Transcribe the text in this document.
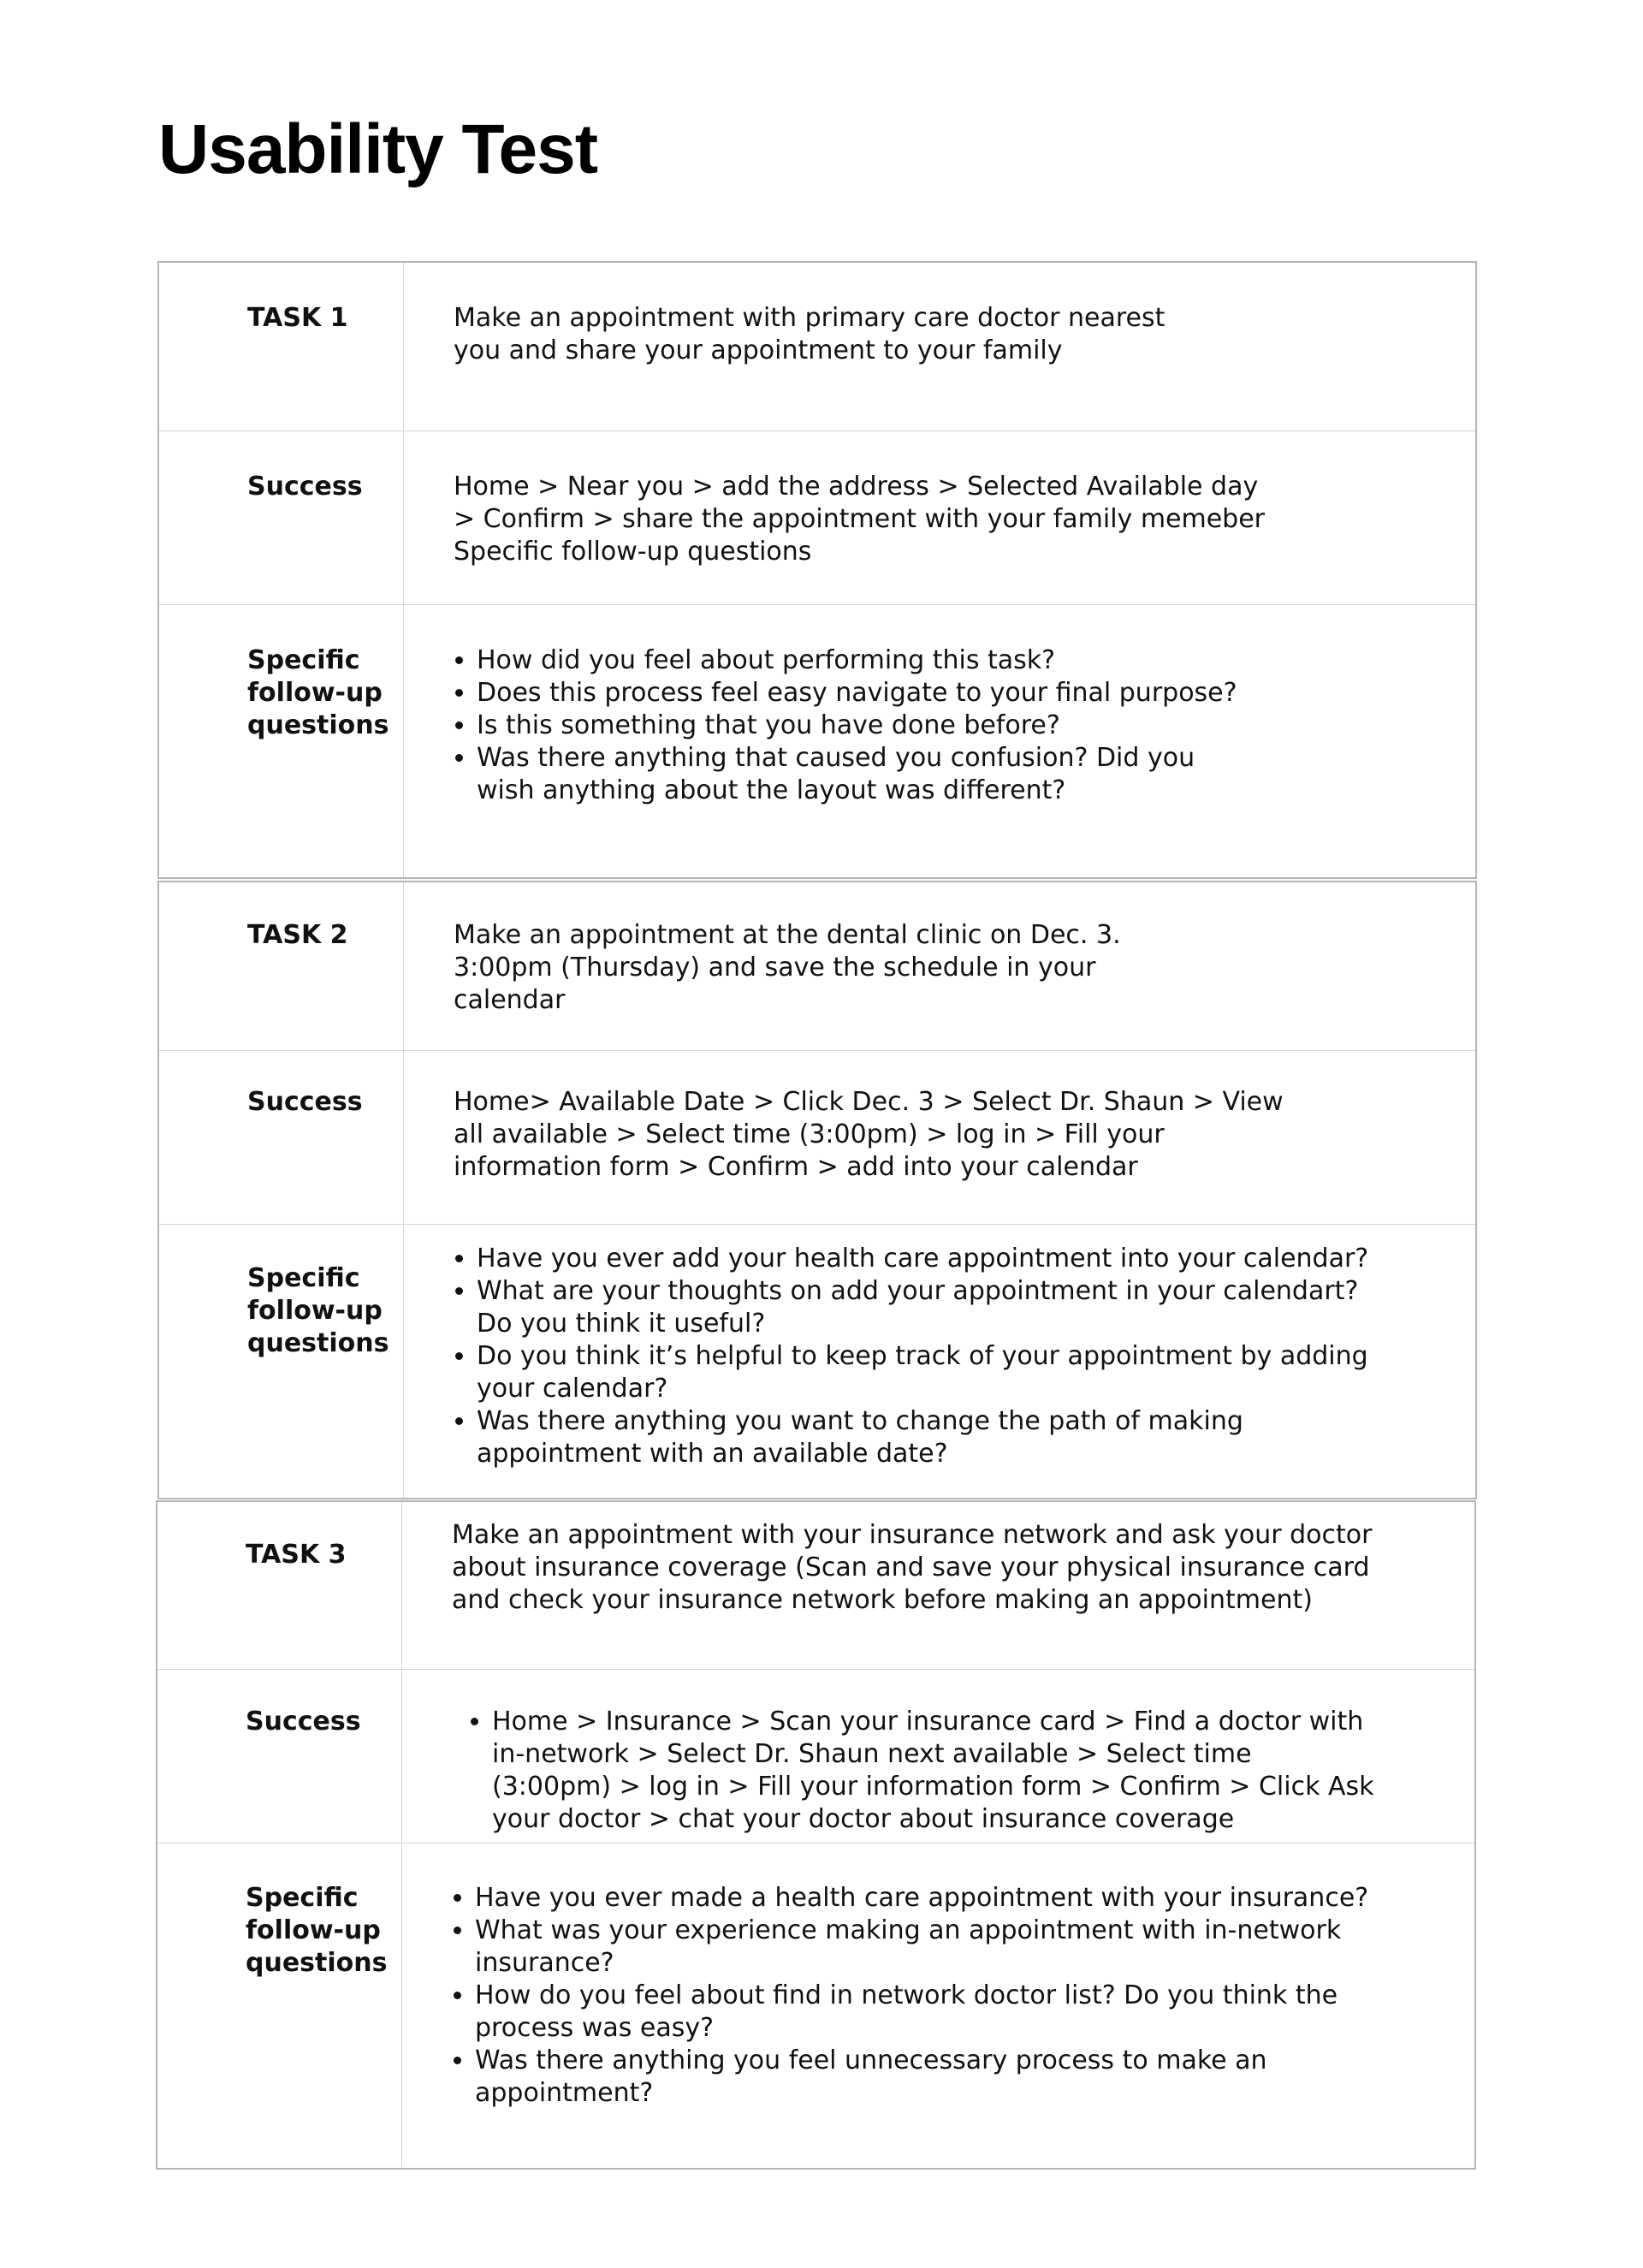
Usability Test
TASK 1	Make an appointment with primary care doctor nearest
you and share your appointment to your family
Success	Home > Near you > add the address > Selected Available day
> Confirm > share the appointment with your family memeber
Specific follow-up questions
Specific
follow-up
questions
• How did you feel about performing this task?
• Does this process feel easy navigate to your final purpose?
• Is this something that you have done before?
• Was there anything that caused you confusion? Did you
wish anything about the layout was different?
TASK 2	Make an appointment at the dental clinic on Dec. 3.
3:00pm (Thursday) and save the schedule in your
calendar
Success	Home> Available Date > Click Dec. 3 > Select Dr. Shaun > View
all available > Select time (3:00pm) > log in > Fill your
information form > Confirm > add into your calendar
Specific
follow-up
questions
• Have you ever add your health care appointment into your calendar?
• What are your thoughts on add your appointment in your calendart?
Do you think it useful?
• Do you think it’s helpful to keep track of your appointment by adding
your calendar?
• Was there anything you want to change the path of making
appointment with an available date?
TASK 3
Make an appointment with your insurance network and ask your doctor
about insurance coverage (Scan and save your physical insurance card
and check your insurance network before making an appointment)
Success
•	Home > Insurance > Scan your insurance card > Find a doctor with
in-network > Select Dr. Shaun next available > Select time
(3:00pm) > log in > Fill your information form > Confirm > Click Ask
your doctor > chat your doctor about insurance coverage
Specific
follow-up
questions
• Have you ever made a health care appointment with your insurance?
• What was your experience making an appointment with in-network
insurance?
• How do you feel about find in network doctor list? Do you think the
process was easy?
• Was there anything you feel unnecessary process to make an
appointment?
